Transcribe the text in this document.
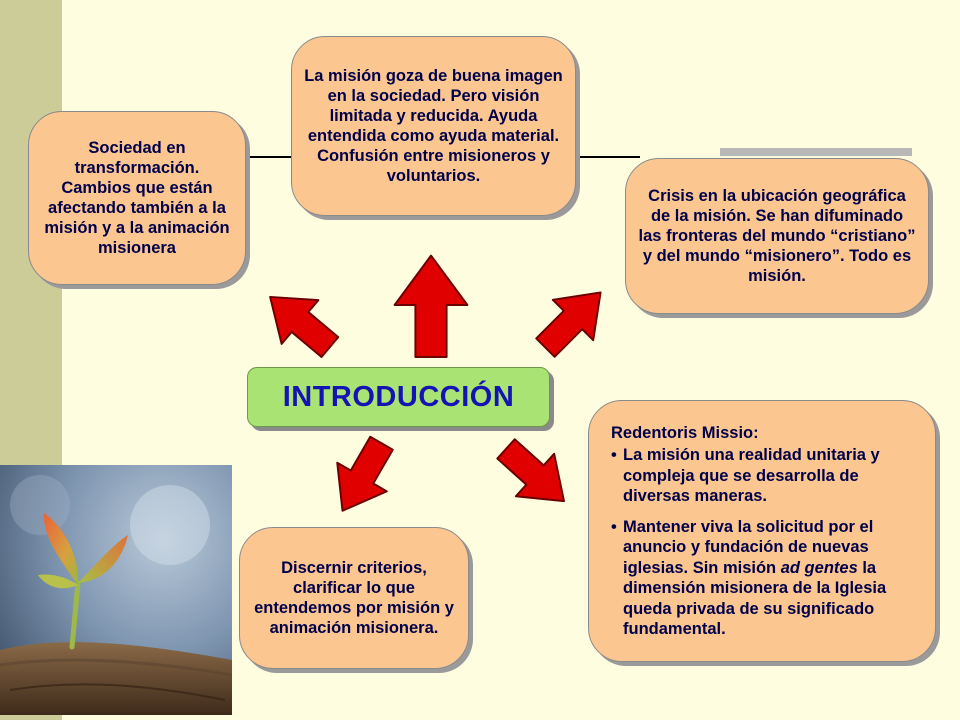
Sociedad en transformación. Cambios que están afectando también a la misión y a la animación misionera
La misión goza de buena imagen en la sociedad. Pero visión limitada y reducida. Ayuda entendida como ayuda material. Confusión entre misioneros y voluntarios.
Crisis en la ubicación geográfica de la misión. Se han difuminado las fronteras del mundo “cristiano” y del mundo “misionero”. Todo es misión.
Discernir criterios, clarificar lo que entendemos por misión y animación misionera.
Redentoris Missio:
• La misión una realidad unitaria y compleja que se desarrolla de diversas maneras.
• Mantener viva la solicitud por el anuncio y fundación de nuevas iglesias. Sin misión ad gentes la dimensión misionera de la Iglesia queda privada de su significado fundamental.
INTRODUCCIÓN
